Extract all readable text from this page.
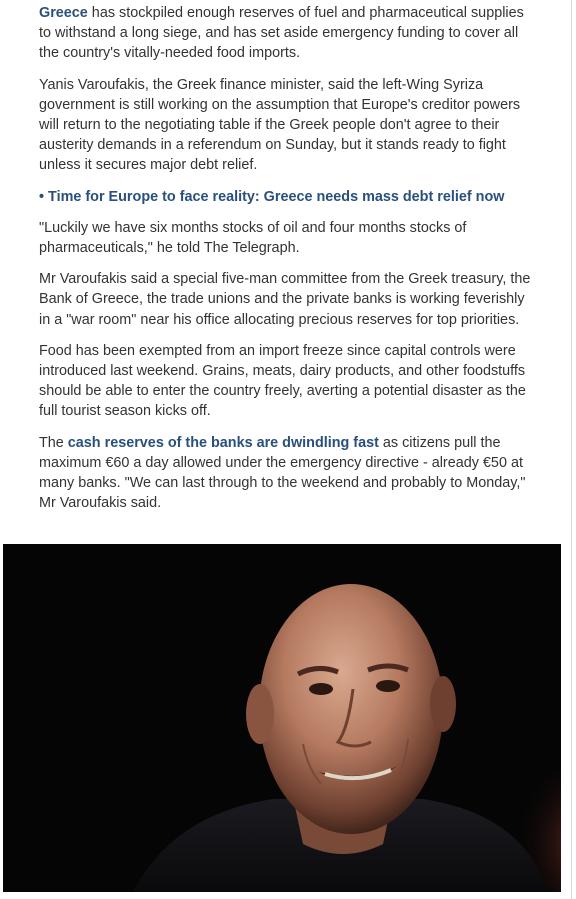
Greece has stockpiled enough reserves of fuel and pharmaceutical supplies to withstand a long siege, and has set aside emergency funding to cover all the country's vitally-needed food imports.

Yanis Varoufakis, the Greek finance minister, said the left-Wing Syriza government is still working on the assumption that Europe's creditor powers will return to the negotiating table if the Greek people don't agree to their austerity demands in a referendum on Sunday, but it stands ready to fight unless it secures major debt relief.

• Time for Europe to face reality: Greece needs mass debt relief now

"Luckily we have six months stocks of oil and four months stocks of pharmaceuticals," he told The Telegraph.

Mr Varoufakis said a special five-man committee from the Greek treasury, the Bank of Greece, the trade unions and the private banks is working feverishly in a "war room" near his office allocating precious reserves for top priorities.

Food has been exempted from an import freeze since capital controls were introduced last weekend. Grains, meats, dairy products, and other foodstuffs should be able to enter the country freely, averting a potential disaster as the full tourist season kicks off.

The cash reserves of the banks are dwindling fast as citizens pull the maximum €60 a day allowed under the emergency directive - already €50 at many banks. "We can last through to the weekend and probably to Monday," Mr Varoufakis said.
